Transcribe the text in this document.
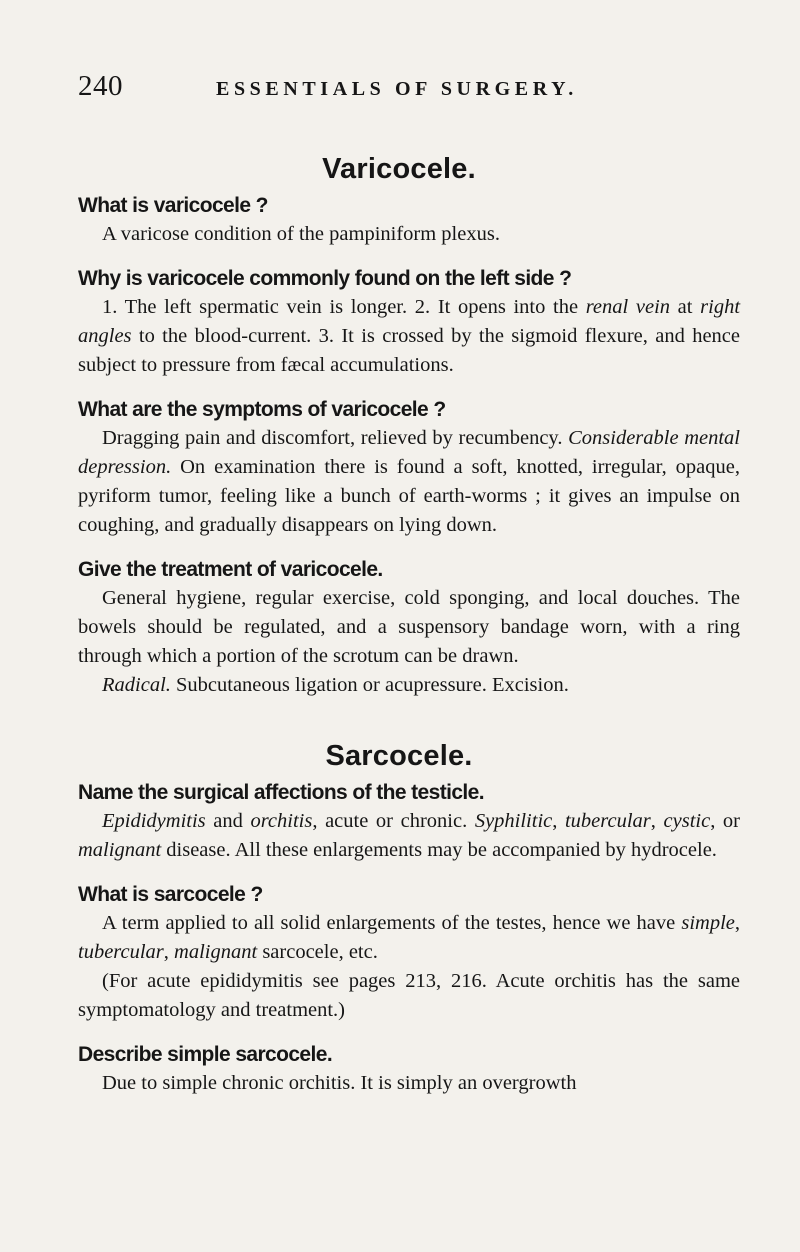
240	ESSENTIALS OF SURGERY.
Varicocele.

What is varicocele ?

A varicose condition of the pampiniform plexus.

Why is varicocele commonly found on the left side ?

1. The left spermatic vein is longer. 2. It opens into the renal vein at right angles to the blood-current. 3. It is crossed by the sigmoid flexure, and hence subject to pressure from fæcal accumulations.

What are the symptoms of varicocele ?

Dragging pain and discomfort, relieved by recumbency. Considerable mental depression. On examination there is found a soft, knotted, irregular, opaque, pyriform tumor, feeling like a bunch of earth-worms ; it gives an impulse on coughing, and gradually disappears on lying down.

Give the treatment of varicocele.

General hygiene, regular exercise, cold sponging, and local douches. The bowels should be regulated, and a suspensory bandage worn, with a ring through which a portion of the scrotum can be drawn.

Radical. Subcutaneous ligation or acupressure. Excision.

Sarcocele.

Name the surgical affections of the testicle.

Epididymitis and orchitis, acute or chronic. Syphilitic, tubercular, cystic, or malignant disease. All these enlargements may be accompanied by hydrocele.

What is sarcocele ?

A term applied to all solid enlargements of the testes, hence we have simple, tubercular, malignant sarcocele, etc.

(For acute epididymitis see pages 213, 216. Acute orchitis has the same symptomatology and treatment.)

Describe simple sarcocele.

Due to simple chronic orchitis. It is simply an overgrowth
